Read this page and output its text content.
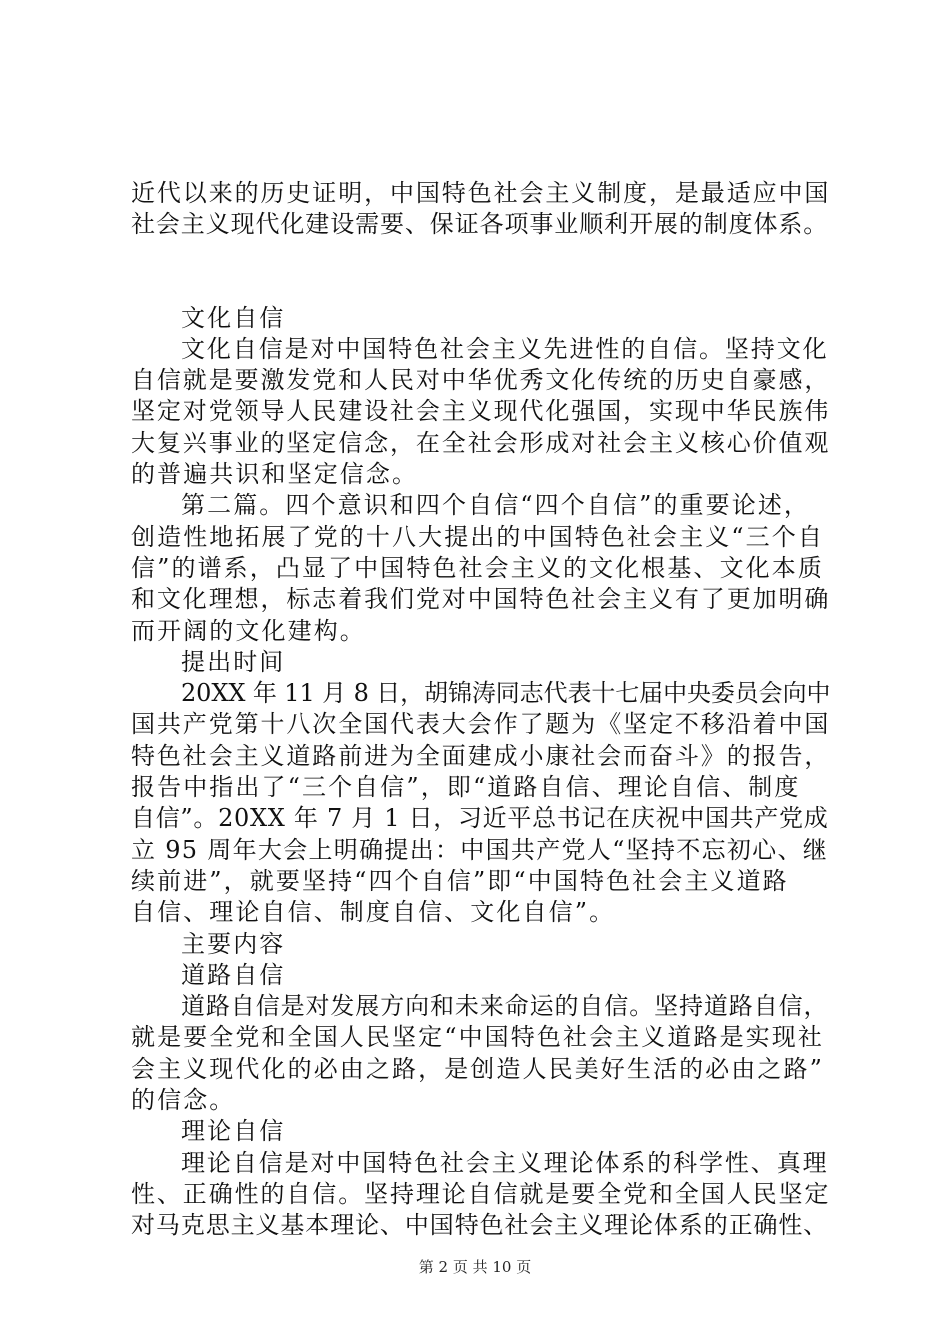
近代以来的历史证明，中国特色社会主义制度，是最适应中国
社会主义现代化建设需要、保证各项事业顺利开展的制度体系。
文化自信
文化自信是对中国特色社会主义先进性的自信。坚持文化
自信就是要激发党和人民对中华优秀文化传统的历史自豪感，
坚定对党领导人民建设社会主义现代化强国，实现中华民族伟
大复兴事业的坚定信念，在全社会形成对社会主义核心价值观
的普遍共识和坚定信念。
第二篇。四个意识和四个自信“四个自信”的重要论述，
创造性地拓展了党的十八大提出的中国特色社会主义“三个自
信”的谱系，凸显了中国特色社会主义的文化根基、文化本质
和文化理想，标志着我们党对中国特色社会主义有了更加明确
而开阔的文化建构。
提出时间
20XX 年 11 月 8 日，胡锦涛同志代表十七届中央委员会向中
国共产党第十八次全国代表大会作了题为《坚定不移沿着中国
特色社会主义道路前进为全面建成小康社会而奋斗》的报告，
报告中指出了“三个自信”，即“道路自信、理论自信、制度
自信”。20XX 年 7 月 1 日，习近平总书记在庆祝中国共产党成
立 95 周年大会上明确提出：中国共产党人“坚持不忘初心、继
续前进”，就要坚持“四个自信”即“中国特色社会主义道路
自信、理论自信、制度自信、文化自信”。
主要内容
道路自信
道路自信是对发展方向和未来命运的自信。坚持道路自信，
就是要全党和全国人民坚定“中国特色社会主义道路是实现社
会主义现代化的必由之路，是创造人民美好生活的必由之路”
的信念。
理论自信
理论自信是对中国特色社会主义理论体系的科学性、真理
性、正确性的自信。坚持理论自信就是要全党和全国人民坚定
对马克思主义基本理论、中国特色社会主义理论体系的正确性、
第 2 页 共 10 页
